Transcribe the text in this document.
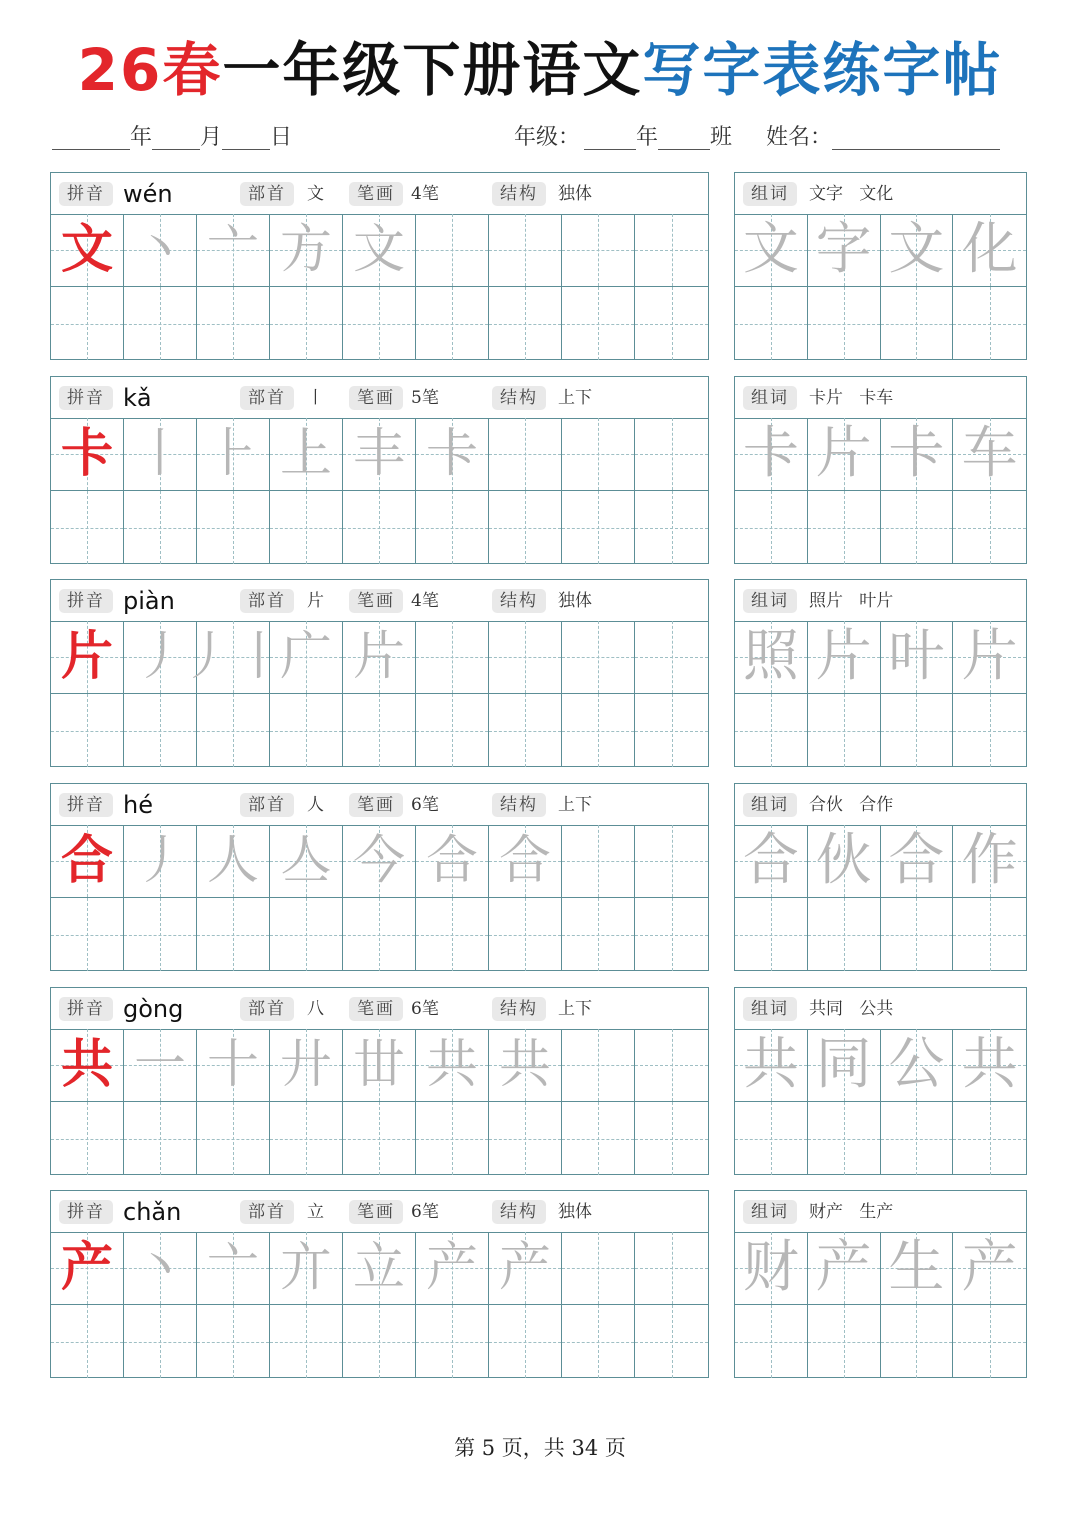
26春一年级下册语文写字表练字帖
年 月 日	年级：	年 班 姓名：
拼音 wén	部首	文	笔画 4笔	结构	独体
文 丶 亠 方 文
组词	文字   文化
文 字 文 化
拼音 kǎ	部首	丨	笔画 5笔	结构	上下
卡 丨 ⺊ 上 丰 卡
组词	卡片   卡车
卡 片 卡 车
拼音 piàn	部首	片	笔画 4笔	结构	独体
片 丿
丿丨
广 片
组词	照片   叶片
照 片 叶 片
拼音 hé	部首	人	笔画 6笔	结构	上下
合 丿 人 亼 今 合 合
组词	合伙   合作
合 伙 合 作
拼音 gòng	部首	八	笔画 6笔	结构	上下
共 一 十 廾 丗 共 共
组词	共同   公共
共 同 公 共
拼音 chǎn	部首	立	笔画 6笔	结构	独体
产 丶 亠 亣 立 产 产
组词	财产   生产
财 产 生 产
第 5 页，共 34 页
